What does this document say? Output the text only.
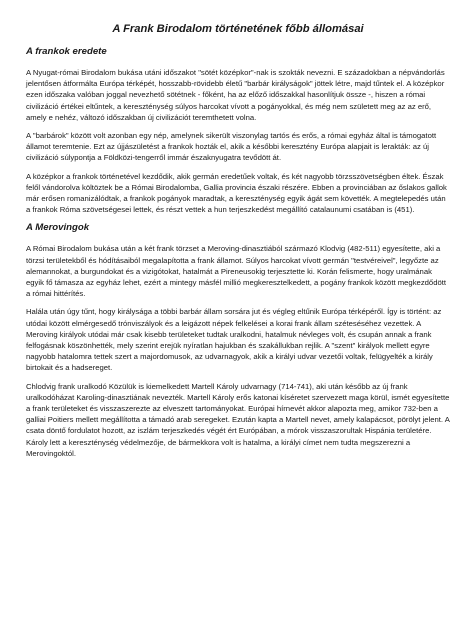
A Frank Birodalom történetének főbb állomásai
A frankok eredete

A Nyugat-római Birodalom bukása utáni időszakot "sötét középkor"-nak is szokták nevezni. E századokban a népvándorlás jelentősen átformálta Európa térképét, hosszabb-rövidebb életű "barbár királyságok" jöttek létre, majd tűntek el. A középkor ezen időszaka valóban joggal nevezhető sötétnek - főként, ha az előző időszakkal hasonlítjuk össze -, hiszen a római civilizáció értékei eltűntek, a kereszténység súlyos harcokat vívott a pogányokkal, és még nem született meg az az erő, amely e nehéz, változó időszakban új civilizációt teremthetett volna.

A "barbárok" között volt azonban egy nép, amelynek sikerült viszonylag tartós és erős, a római egyház által is támogatott államot teremtenie. Ezt az újjászületést a frankok hozták el, akik a későbbi keresztény Európa alapjait is lerakták: az új civilizáció súlypontja a Földközi-tengerről immár északnyugatra tevődött át.

A középkor a frankok történetével kezdődik, akik germán eredetűek voltak, és két nagyobb törzsszövetségben éltek. Észak felől vándorolva költöztek be a Római Birodalomba, Gallia provincia északi részére. Ebben a provinciában az őslakos gallok már erősen romanizálódtak, a frankok pogányok maradtak, a kereszténység egyik ágát sem követték. A megtelepedés után a frankok Róma szövetségesei lettek, és részt vettek a hun terjeszkedést megállító catalaunumi csatában is (451).

A Merovingok

A Római Birodalom bukása után a két frank törzset a Meroving-dinasztiából származó Klodvig (482-511) egyesítette, aki a törzsi területekből és hódításaiból megalapította a frank államot. Súlyos harcokat vívott germán "testvéreivel", legyőzte az alemannokat, a burgundokat és a vizigótokat, hatalmát a Pireneusokig terjesztette ki. Korán felismerte, hogy uralmának egyik fő támasza az egyház lehet, ezért a mintegy másfél millió megkeresztelkedett, a pogány frankok között megkezdődött a római hittérítés.

Halála után úgy tűnt, hogy királysága a többi barbár állam sorsára jut és végleg eltűnik Európa térképéről. Így is történt: az utódai között elmérgesedő trónviszályok és a leigázott népek felkelései a korai frank állam széteséséhez vezettek. A Meroving királyok utódai már csak kisebb területeket tudtak uralkodni, hatalmuk névleges volt, és csupán annak a frank felfogásnak köszönhették, mely szerint erejük nyíratlan hajukban és szakállukban rejlik. A "szent" királyok mellett egyre nagyobb hatalomra tettek szert a majordomusok, az udvarnagyok, akik a királyi udvar vezetői voltak, felügyelték a király birtokait és a hadsereget.

Chlodvig frank uralkodó Közülük is kiemelkedett Martell Károly udvarnagy (714-741), aki után később az új frank uralkodóházat Karoling-dinasztiának nevezték. Martell Károly erős katonai kíséretet szervezett maga körül, ismét egyesítette a frank területeket és visszaszerezte az elveszett tartományokat. Európai hírnevét akkor alapozta meg, amikor 732-ben a galliai Poitiers mellett megállította a támadó arab seregeket. Ezután kapta a Martell nevet, amely kalapácsot, pörölyt jelent. A csata döntő fordulatot hozott, az iszlám terjeszkedés végét ért Európában, a mórok visszaszorultak Hispánia területére. Károly lett a kereszténység védelmezője, de bármekkora volt is hatalma, a királyi címet nem tudta megszerezni a Merovingoktól.
